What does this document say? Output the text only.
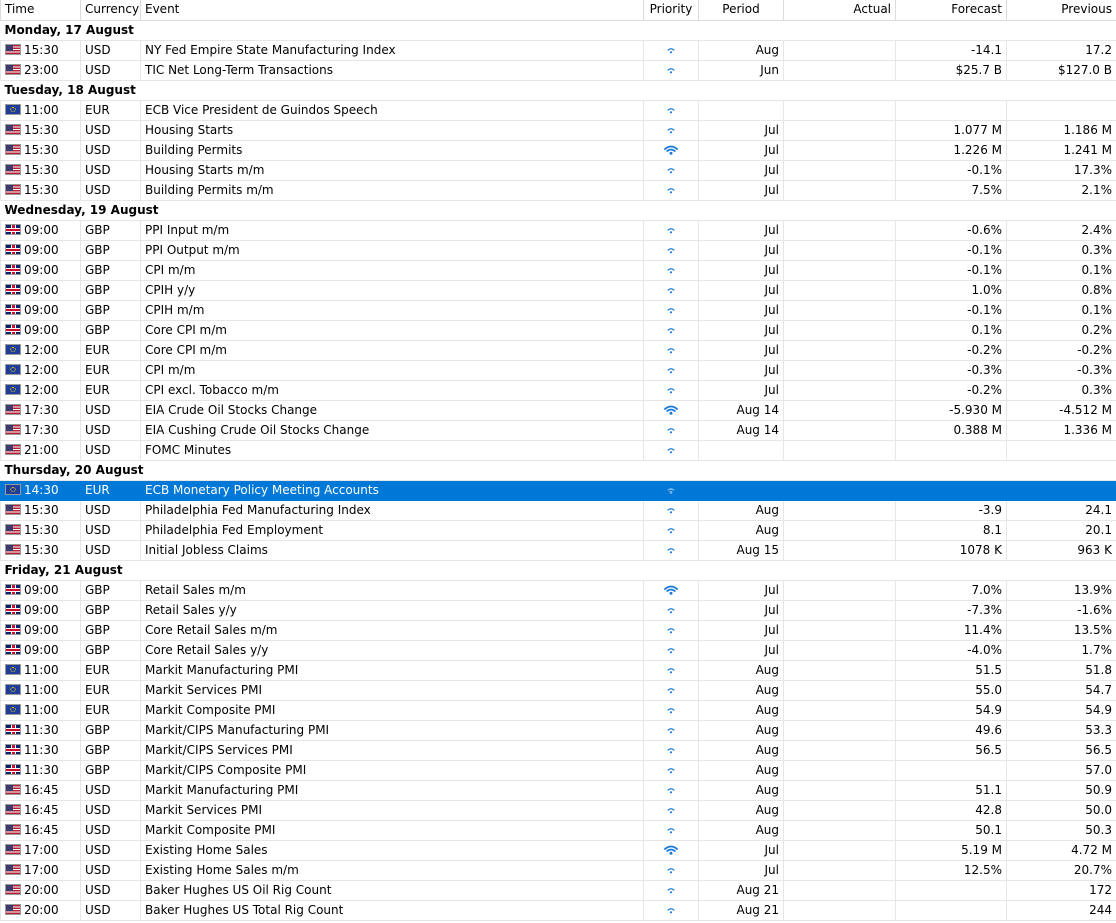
Time	Currency	Event	Priority	Period	Actual	Forecast	Previous
Monday, 17 August							
15:30	USD	NY Fed Empire State Manufacturing Index		Aug		-14.1	17.2
23:00	USD	TIC Net Long-Term Transactions		Jun		$25.7 B	$127.0 B
Tuesday, 18 August							
11:00	EUR	ECB Vice President de Guindos Speech	

15:30	USD	Housing Starts		Jul		1.077 M	1.186 M
15:30	USD	Building Permits		Jul		1.226 M	1.241 M
15:30	USD	Housing Starts m/m		Jul		-0.1%	17.3%
15:30	USD	Building Permits m/m		Jul		7.5%	2.1%
Wednesday, 19 August							
09:00	GBP	PPI Input m/m		Jul		-0.6%	2.4%
09:00	GBP	PPI Output m/m		Jul		-0.1%	0.3%
09:00	GBP	CPI m/m		Jul		-0.1%	0.1%
09:00	GBP	CPIH y/y		Jul		1.0%	0.8%
09:00	GBP	CPIH m/m		Jul		-0.1%	0.1%
09:00	GBP	Core CPI m/m		Jul		0.1%	0.2%
12:00	EUR	Core CPI m/m		Jul		-0.2%	-0.2%
12:00	EUR	CPI m/m		Jul		-0.3%	-0.3%
12:00	EUR	CPI excl. Tobacco m/m		Jul		-0.2%	0.3%
17:30	USD	EIA Crude Oil Stocks Change		Aug 14		-5.930 M	-4.512 M
17:30	USD	EIA Cushing Crude Oil Stocks Change		Aug 14		0.388 M	1.336 M
21:00	USD	FOMC Minutes	

Thursday, 20 August							
14:30	EUR	ECB Monetary Policy Meeting Accounts	

15:30	USD	Philadelphia Fed Manufacturing Index		Aug		-3.9	24.1
15:30	USD	Philadelphia Fed Employment		Aug		8.1	20.1
15:30	USD	Initial Jobless Claims		Aug 15		1078 K	963 K
Friday, 21 August							
09:00	GBP	Retail Sales m/m		Jul		7.0%	13.9%
09:00	GBP	Retail Sales y/y		Jul		-7.3%	-1.6%
09:00	GBP	Core Retail Sales m/m		Jul		11.4%	13.5%
09:00	GBP	Core Retail Sales y/y		Jul		-4.0%	1.7%
11:00	EUR	Markit Manufacturing PMI		Aug		51.5	51.8
11:00	EUR	Markit Services PMI		Aug		55.0	54.7
11:00	EUR	Markit Composite PMI		Aug		54.9	54.9
11:30	GBP	Markit/CIPS Manufacturing PMI		Aug		49.6	53.3
11:30	GBP	Markit/CIPS Services PMI		Aug		56.5	56.5
11:30	GBP	Markit/CIPS Composite PMI		Aug			57.0
16:45	USD	Markit Manufacturing PMI		Aug		51.1	50.9
16:45	USD	Markit Services PMI		Aug		42.8	50.0
16:45	USD	Markit Composite PMI		Aug		50.1	50.3
17:00	USD	Existing Home Sales		Jul		5.19 M	4.72 M
17:00	USD	Existing Home Sales m/m		Jul		12.5%	20.7%
20:00	USD	Baker Hughes US Oil Rig Count		Aug 21			172
20:00	USD	Baker Hughes US Total Rig Count		Aug 21			244
